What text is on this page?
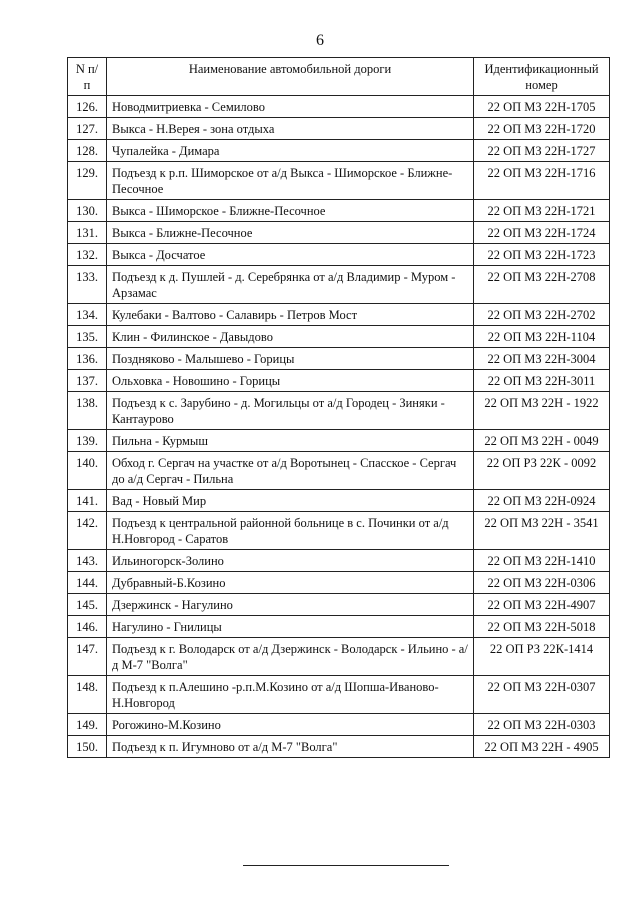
6
N п/п	Наименование автомобильной дороги	Идентификационный номер
126.	Новодмитриевка - Семилово	22 ОП МЗ 22Н-1705
127.	Выкса - Н.Верея - зона отдыха	22 ОП МЗ 22Н-1720
128.	Чупалейка - Димара	22 ОП МЗ 22Н-1727
129.	Подъезд к р.п. Шиморское от а/д Выкса - Шиморское - Ближне-Песочное	22 ОП МЗ 22Н-1716
130.	Выкса - Шиморское - Ближне-Песочное	22 ОП МЗ 22Н-1721
131.	Выкса - Ближне-Песочное	22 ОП МЗ 22Н-1724
132.	Выкса - Досчатое	22 ОП МЗ 22Н-1723
133.	Подъезд к д. Пушлей - д. Серебрянка от а/д Владимир - Муром - Арзамас	22 ОП МЗ 22Н-2708
134.	Кулебаки - Валтово - Салавирь - Петров Мост	22 ОП МЗ 22Н-2702
135.	Клин - Филинское - Давыдово	22 ОП МЗ 22Н-1104
136.	Поздняково - Малышево - Горицы	22 ОП МЗ 22Н-3004
137.	Ольховка - Новошино - Горицы	22 ОП МЗ 22Н-3011
138.	Подъезд к с. Зарубино - д. Могильцы от а/д Городец - Зиняки - Кантаурово	22 ОП МЗ 22Н - 1922
139.	Пильна - Курмыш	22 ОП МЗ 22Н - 0049
140.	Обход г. Сергач на участке от а/д Воротынец - Спасское - Сергач до а/д Сергач - Пильна	22 ОП РЗ 22К - 0092
141.	Вад - Новый Мир	22 ОП МЗ 22Н-0924
142.	Подъезд к центральной районной больнице в с. Починки от а/д Н.Новгород - Саратов	22 ОП МЗ 22Н - 3541
143.	Ильиногорск-Золино	22 ОП МЗ 22Н-1410
144.	Дубравный-Б.Козино	22 ОП МЗ 22Н-0306
145.	Дзержинск - Нагулино	22 ОП МЗ 22Н-4907
146.	Нагулино - Гнилицы	22 ОП МЗ 22Н-5018
147.	Подъезд к г. Володарск от а/д Дзержинск - Володарск - Ильино - а/д М-7 "Волга"	22 ОП РЗ 22К-1414
148.	Подъезд к п.Алешино -р.п.М.Козино от а/д Шопша-Иваново-Н.Новгород	22 ОП МЗ 22Н-0307
149.	Рогожино-М.Козино	22 ОП МЗ 22Н-0303
150.	Подъезд к п. Игумново от а/д М-7 "Волга"	22 ОП МЗ 22Н - 4905
